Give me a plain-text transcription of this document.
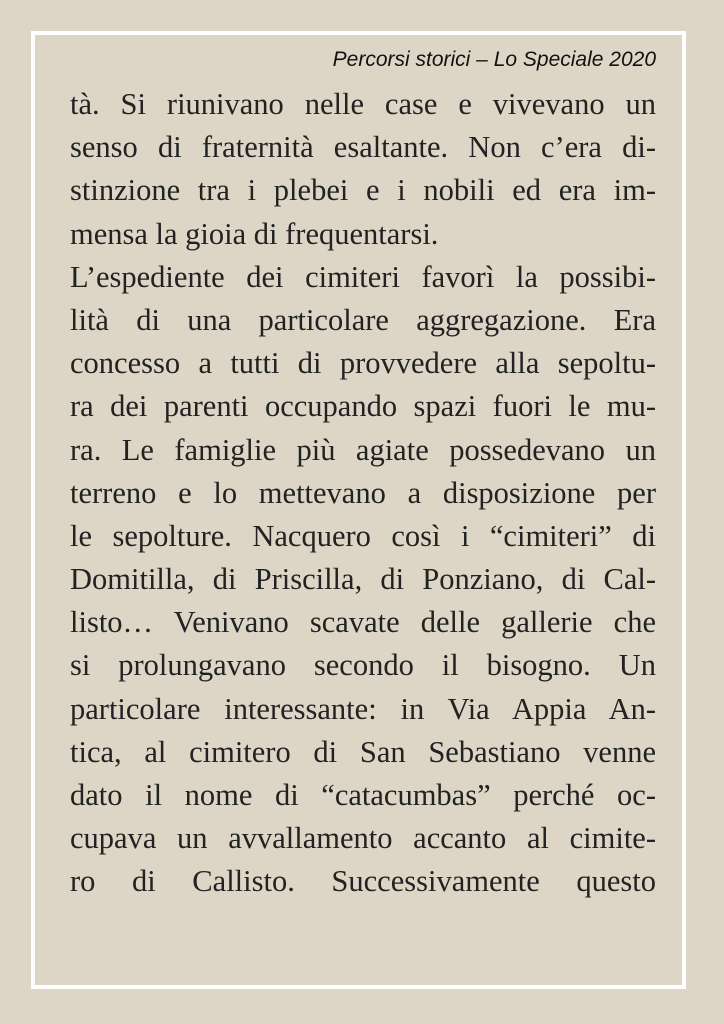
Percorsi storici – Lo Speciale 2020
tà. Si riunivano nelle case e vivevano un
senso di fraternità esaltante. Non c’era di-
stinzione tra i plebei e i nobili ed era im-
mensa la gioia di frequentarsi.
L’espediente dei cimiteri favorì la possibi-
lità di una particolare aggregazione. Era
concesso a tutti di provvedere alla sepoltu-
ra dei parenti occupando spazi fuori le mu-
ra. Le famiglie più agiate possedevano un
terreno e lo mettevano a disposizione per
le sepolture. Nacquero così i “cimiteri” di
Domitilla, di Priscilla, di Ponziano, di Cal-
listo… Venivano scavate delle gallerie che
si prolungavano secondo il bisogno. Un
particolare interessante: in Via Appia An-
tica, al cimitero di San Sebastiano venne
dato il nome di “catacumbas” perché oc-
cupava un avvallamento accanto al cimite-
ro di Callisto. Successivamente questo
